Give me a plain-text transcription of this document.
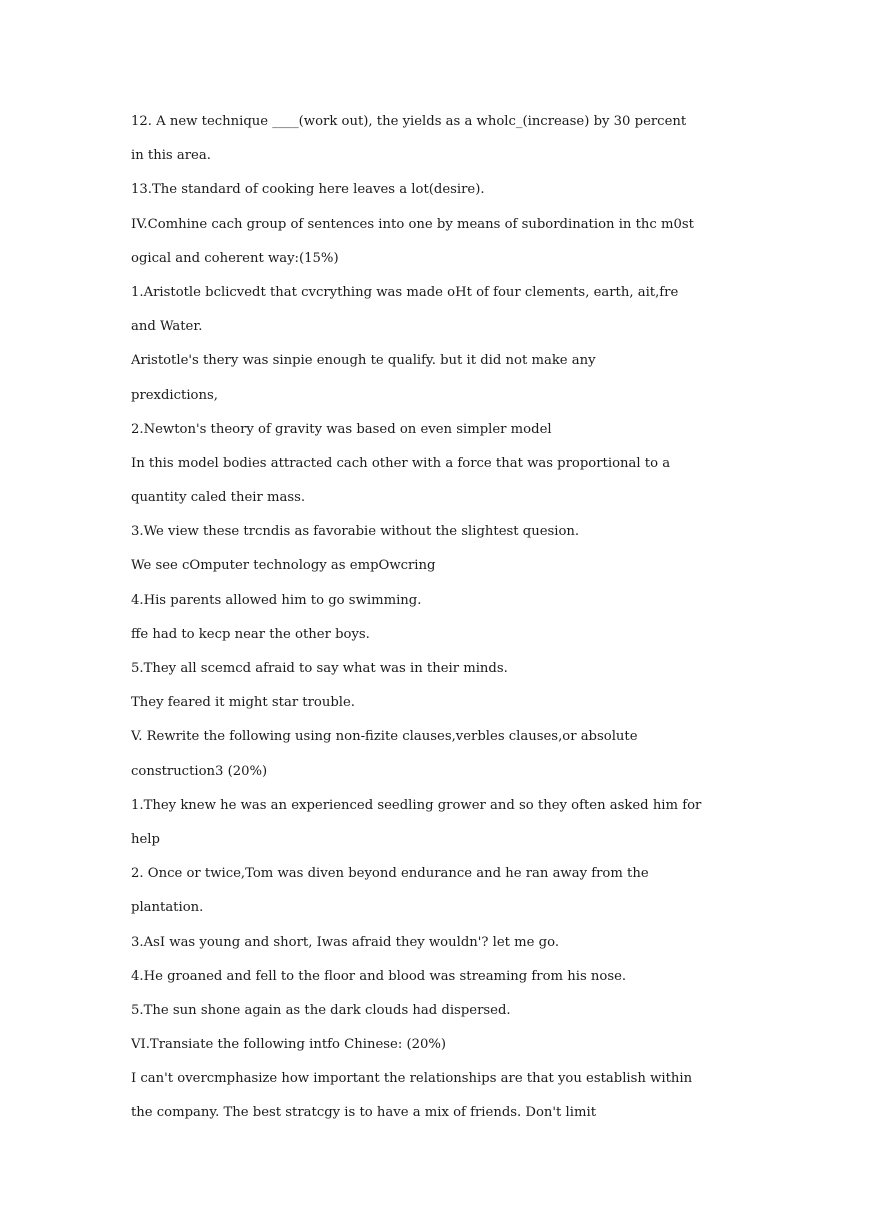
12. A new technique ____(work out), the yields as a wholc_(increase) by 30 percent
in this area.
13.The standard of cooking here leaves a lot(desire).
IV.Comhine cach group of sentences into one by means of subordination in thc m0st
ogical and coherent way:(15%)
1.Aristotle bclicvedt that cvcrything was made oHt of four clements, earth, ait,fre
and Water.
Aristotle's thery was sinpie enough te qualify. but it did not make any
prexdictions,
2.Newton's theory of gravity was based on even simpler model
In this model bodies attracted cach other with a force that was proportional to a
quantity caled their mass.
3.We view these trcndis as favorabie without the slightest quesion.
We see cOmputer technology as empOwcring
4.His parents allowed him to go swimming.
ffe had to kecp near the other boys.
5.They all scemcd afraid to say what was in their minds.
They feared it might star trouble.
V. Rewrite the following using non-fizite clauses,verbles clauses,or absolute
construction3 (20%)
1.They knew he was an experienced seedling grower and so they often asked him for
help
2. Once or twice,Tom was diven beyond endurance and he ran away from the
plantation.
3.AsI was young and short, Iwas afraid they wouldn'? let me go.
4.He groaned and fell to the floor and blood was streaming from his nose.
5.The sun shone again as the dark clouds had dispersed.
VI.Transiate the following intfo Chinese: (20%)
I can't overcmphasize how important the relationships are that you establish within
the company. The best stratcgy is to have a mix of friends. Don't limit
